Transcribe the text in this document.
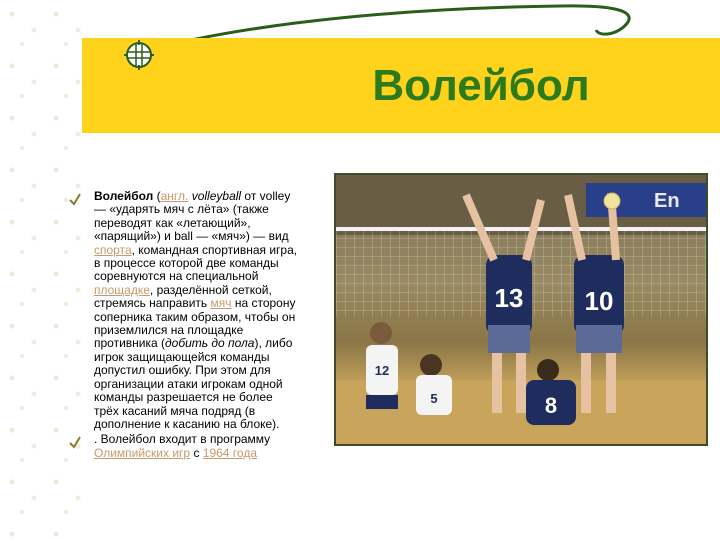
Волейбол
Волейбол (англ. volleyball от volley — «ударять мяч с лёта» (также переводят как «летающий», «парящий») и ball — «мяч») — вид спорта, командная спортивная игра, в процессе которой две команды соревнуются на специальной площадке, разделённой сеткой, стремясь направить мяч на сторону соперника таким образом, чтобы он приземлился на площадке противника (добить до пола), либо игрок защищающейся команды допустил ошибку. При этом для организации атаки игрокам одной команды разрешается не более трёх касаний мяча подряд (в дополнение к касанию на блоке).
. Волейбол входит в программу Олимпийских игр с 1964 года
En
13 10
12
5	8
